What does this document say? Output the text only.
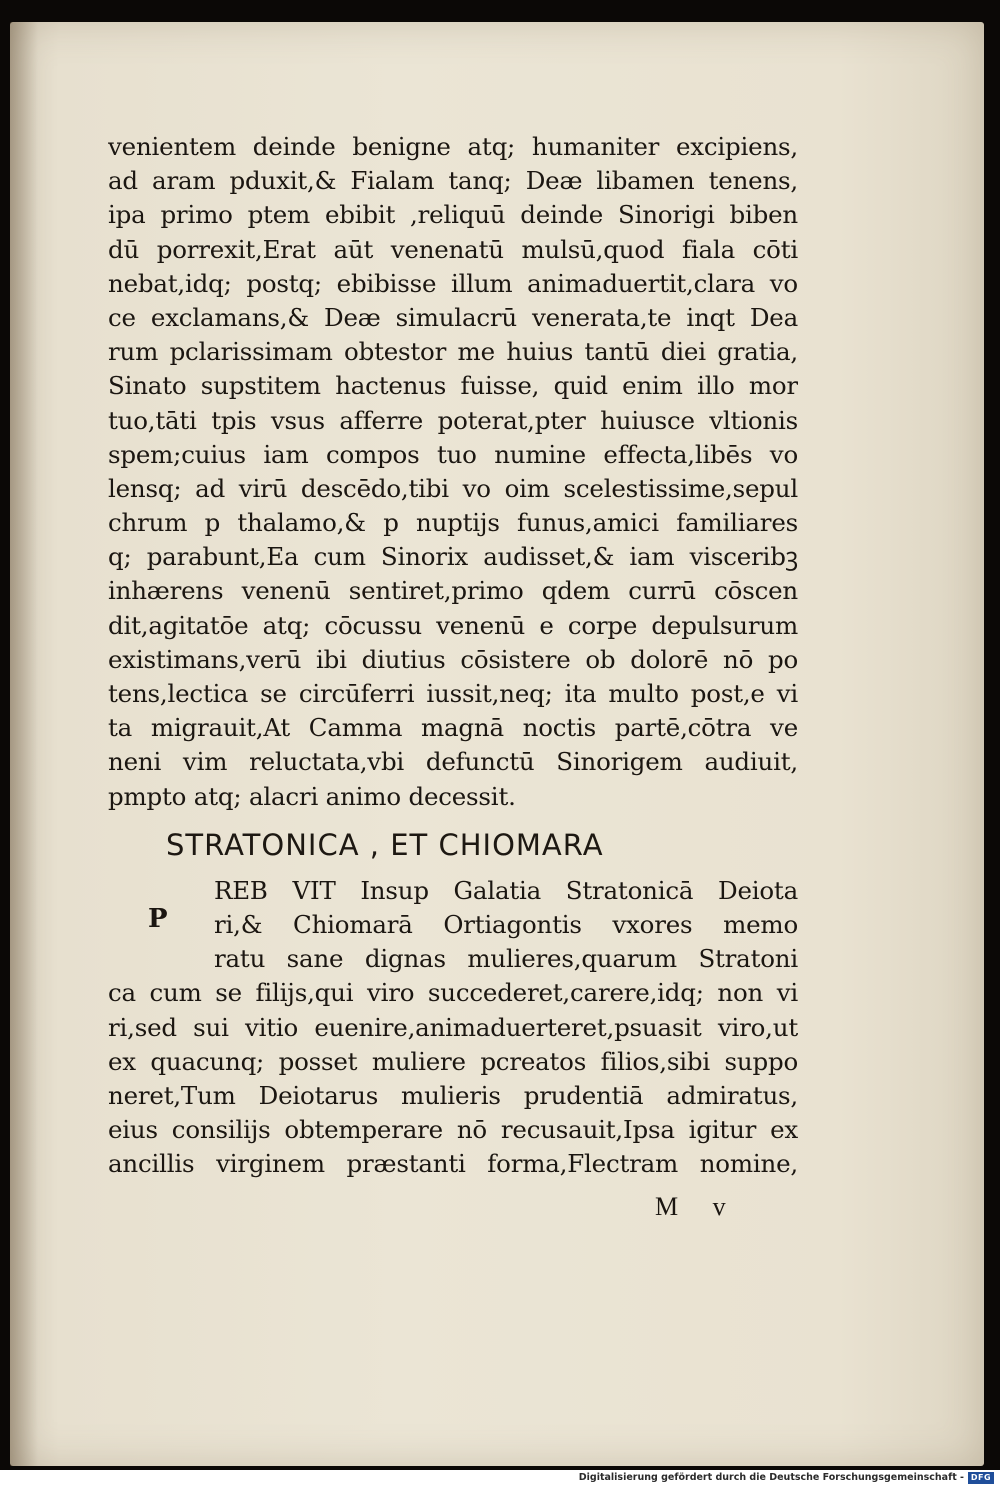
venientem deinde benigne atq; humaniter excipiens,
ad aram pduxit,& Fialam tanq; Deæ libamen tenens,
ipa primo ptem ebibit ,reliquū deinde Sinorigi biben
dū porrexit,Erat aūt venenatū mulsū,quod fiala cōti
nebat,idq; postq; ebibisse illum animaduertit,clara vo
ce exclamans,& Deæ simulacrū venerata,te inqt Dea
rum pclarissimam obtestor me huius tantū diei gratia,
Sinato supstitem hactenus fuisse, quid enim illo mor
tuo,tāti tpis vsus afferre poterat,pter huiusce vltionis
spem;cuius iam compos tuo numine effecta,libēs vo
lensq; ad virū descēdo,tibi vo oim scelestissime,sepul
chrum p thalamo,& p nuptijs funus,amici familiares
q; parabunt,Ea cum Sinorix audisset,& iam visceribꝫ
inhærens venenū sentiret,primo qdem currū cōscen
dit,agitatōe atq; cōcussu venenū e corpe depulsurum
existimans,verū ibi diutius cōsistere ob dolorē nō po
tens,lectica se circūferri iussit,neq; ita multo post,e vi
ta migrauit,At Camma magnā noctis partē,cōtra ve
neni vim reluctata,vbi defunctū Sinorigem audiuit,
pmpto atq; alacri animo decessit.
STRATONICA , ET CHIOMARA
P
REB VIT Insup Galatia Stratonicā Deiota
ri,& Chiomarā Ortiagontis vxores memo
ratu sane dignas mulieres,quarum Stratoni
ca cum se filijs,qui viro succederet,carere,idq; non vi
ri,sed sui vitio euenire,animaduerteret,psuasit viro,ut
ex quacunq; posset muliere pcreatos filios,sibi suppo
neret,Tum Deiotarus mulieris prudentiā admiratus,
eius consilijs obtemperare nō recusauit,Ipsa igitur ex
ancillis virginem præstanti forma,Flectram nomine,
M v
Digitalisierung gefördert durch die Deutsche Forschungsgemeinschaft - DFG
